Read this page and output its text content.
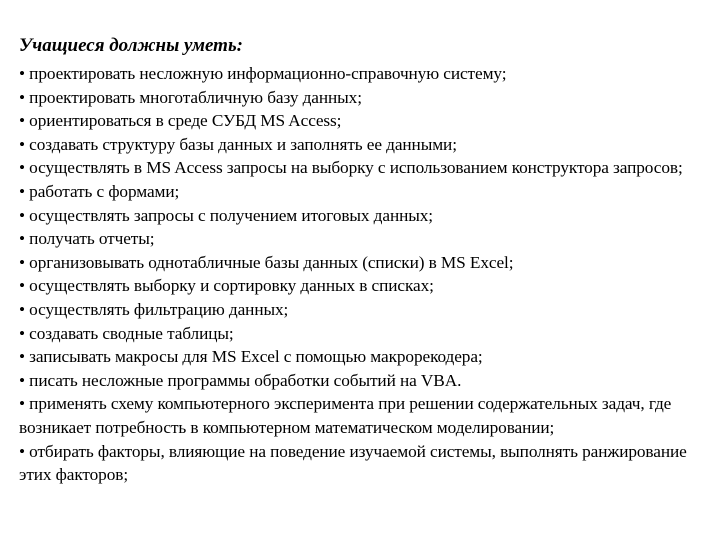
Учащиеся должны уметь:
• проектировать несложную информационно-справочную систему;
• проектировать многотабличную базу данных;
• ориентироваться в среде СУБД MS Access;
• создавать структуру базы данных и заполнять ее данными;
• осуществлять в MS Access запросы на выборку с использованием конструктора запросов;
• работать с формами;
• осуществлять запросы с получением итоговых данных;
• получать отчеты;
• организовывать однотабличные базы данных (списки) в MS Excel;
• осуществлять выборку и сортировку данных в списках;
• осуществлять фильтрацию данных;
• создавать сводные таблицы;
• записывать макросы для MS Excel с помощью макрорекодера;
• писать несложные программы обработки событий на VBA.
• применять схему компьютерного эксперимента при решении содержательных задач, где возникает потребность в компьютерном математическом моделировании;
• отбирать факторы, влияющие на поведение изучаемой системы, выполнять ранжирование этих факторов;
